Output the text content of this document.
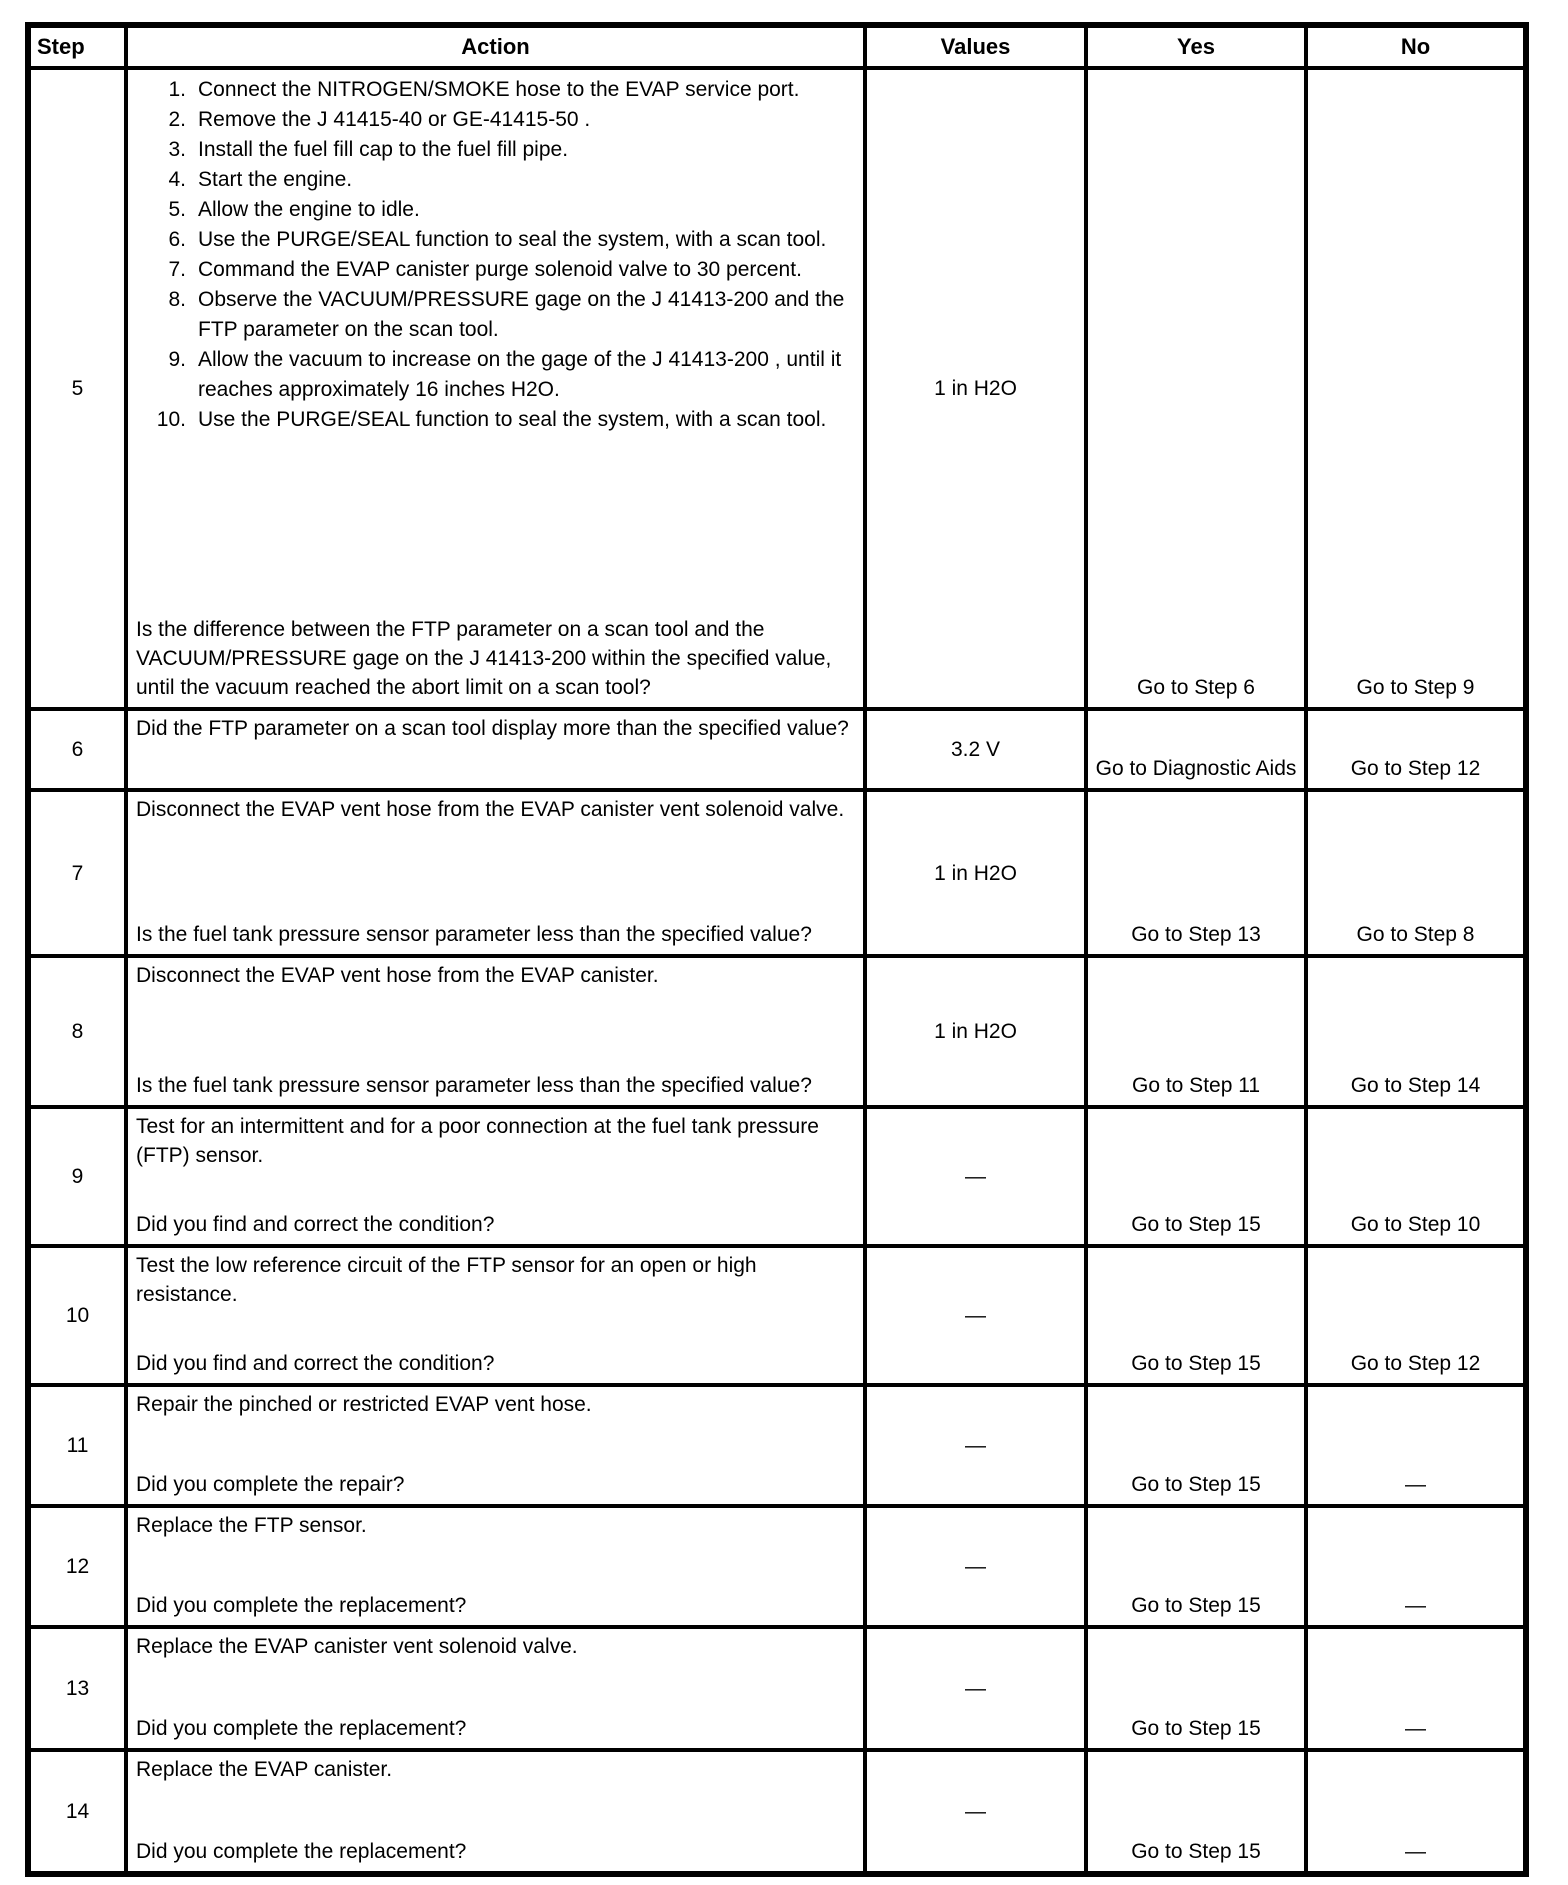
Step	Action	Values	Yes	No
5	
1. Connect the NITROGEN/SMOKE hose to the EVAP service port.
2. Remove the J 41415-40 or GE-41415-50 .
3. Install the fuel fill cap to the fuel fill pipe.
4. Start the engine.
5. Allow the engine to idle.
6. Use the PURGE/SEAL function to seal the system, with a scan tool.
7. Command the EVAP canister purge solenoid valve to 30 percent.
8. Observe the VACUUM/PRESSURE gage on the J 41413-200 and the FTP parameter on the scan tool.
9. Allow the vacuum to increase on the gage of the J 41413-200 , until it reaches approximately 16 inches H2O.
10. Use the PURGE/SEAL function to seal the system, with a scan tool.

Is the difference between the FTP parameter on a scan tool and the VACUUM/PRESSURE gage on the J 41413-200 within the specified value, until the vacuum reached the abort limit on a scan tool?

	1 in H2O	Go to Step 6	Go to Step 9
6	Did the FTP parameter on a scan tool display more than the specified value?	3.2 V	Go to Diagnostic Aids	Go to Step 12
7	Disconnect the EVAP vent hose from the EVAP canister vent solenoid valve.

Is the fuel tank pressure sensor parameter less than the specified value?	1 in H2O	Go to Step 13	Go to Step 8
8	Disconnect the EVAP vent hose from the EVAP canister.

Is the fuel tank pressure sensor parameter less than the specified value?	1 in H2O	Go to Step 11	Go to Step 14
9	Test for an intermittent and for a poor connection at the fuel tank pressure (FTP) sensor.

Did you find and correct the condition?	—	Go to Step 15	Go to Step 10
10	Test the low reference circuit of the FTP sensor for an open or high resistance.

Did you find and correct the condition?	—	Go to Step 15	Go to Step 12
11	Repair the pinched or restricted EVAP vent hose.

Did you complete the repair?	—	Go to Step 15	—
12	Replace the FTP sensor.

Did you complete the replacement?	—	Go to Step 15	—
13	Replace the EVAP canister vent solenoid valve.

Did you complete the replacement?	—	Go to Step 15	—
14	Replace the EVAP canister.

Did you complete the replacement?	—	Go to Step 15	—
